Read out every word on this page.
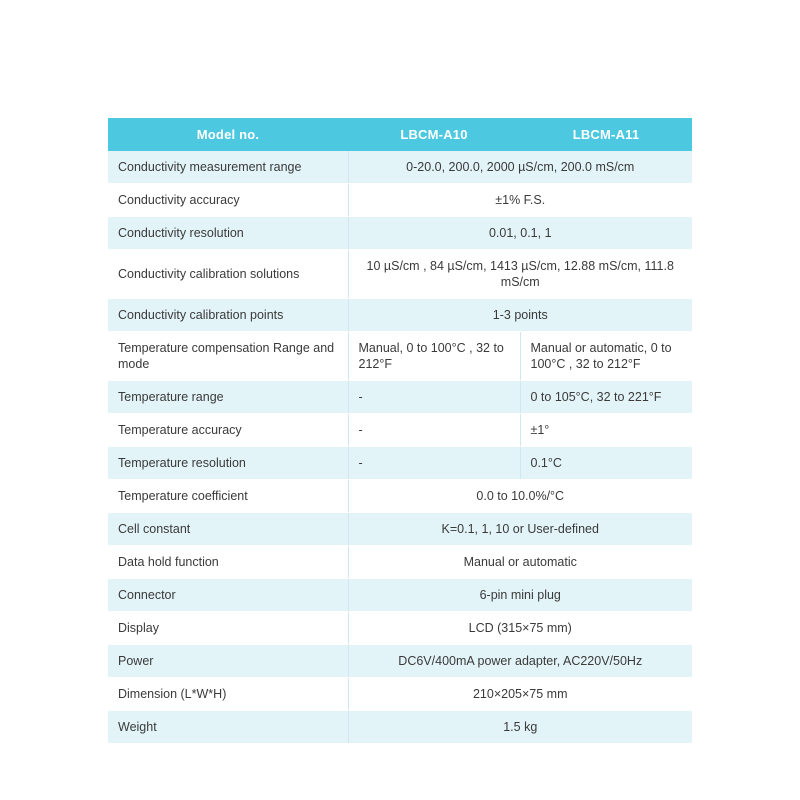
Model no.	LBCM-A10	LBCM-A11
Conductivity measurement range	0-20.0, 200.0, 2000 µS/cm, 200.0 mS/cm	
Conductivity accuracy	±1% F.S.	
Conductivity resolution	0.01, 0.1, 1	
Conductivity calibration solutions	10 µS/cm , 84 µS/cm, 1413 µS/cm, 12.88 mS/cm, 111.8 mS/cm	
Conductivity calibration points	1-3 points	
Temperature compensation Range and mode	Manual, 0 to 100°C , 32 to 212°F	Manual or automatic, 0 to 100°C , 32 to 212°F
Temperature range	-	0 to 105°C, 32 to 221°F
Temperature accuracy	-	±1°
Temperature resolution	-	0.1°C
Temperature coefficient	0.0 to 10.0%/°C	
Cell constant	K=0.1, 1, 10 or User-defined	
Data hold function	Manual or automatic	
Connector	6-pin mini plug	
Display	LCD (315×75 mm)	
Power	DC6V/400mA power adapter, AC220V/50Hz	
Dimension (L*W*H)	210×205×75 mm	
Weight	1.5 kg	
